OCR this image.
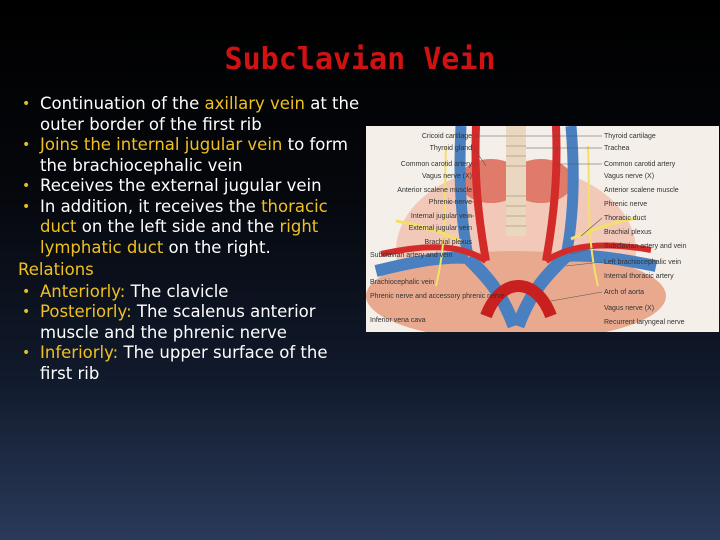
Subclavian Vein

• Continuation of the axillary vein at the outer border of the first rib

• Joins the internal jugular vein to form the brachiocephalic vein

• Receives the external jugular vein

• In addition, it receives the thoracic duct on the left side and the right lymphatic duct on the right.

Relations

• Anteriorly: The clavicle

• Posteriorly: The scalenus anterior muscle and the phrenic nerve

• Inferiorly: The upper surface of the first rib

Cricoid cartilage
Thyroid gland
Common carotid artery
Vagus nerve (X)
Anterior scalene muscle
Phrenic nerve
Internal jugular vein
External jugular vein
Brachial plexus
Subclavian artery and vein
Brachiocephalic vein
Phrenic nerve and accessory phrenic nerve
Inferior vena cava
Thyroid cartilage
Trachea
Common carotid artery
Vagus nerve (X)
Anterior scalene muscle
Phrenic nerve
Thoracic duct
Brachial plexus
Subclavian artery and vein
Left brachiocephalic vein
Internal thoracic artery
Arch of aorta
Vagus nerve (X)
Recurrent laryngeal nerve
